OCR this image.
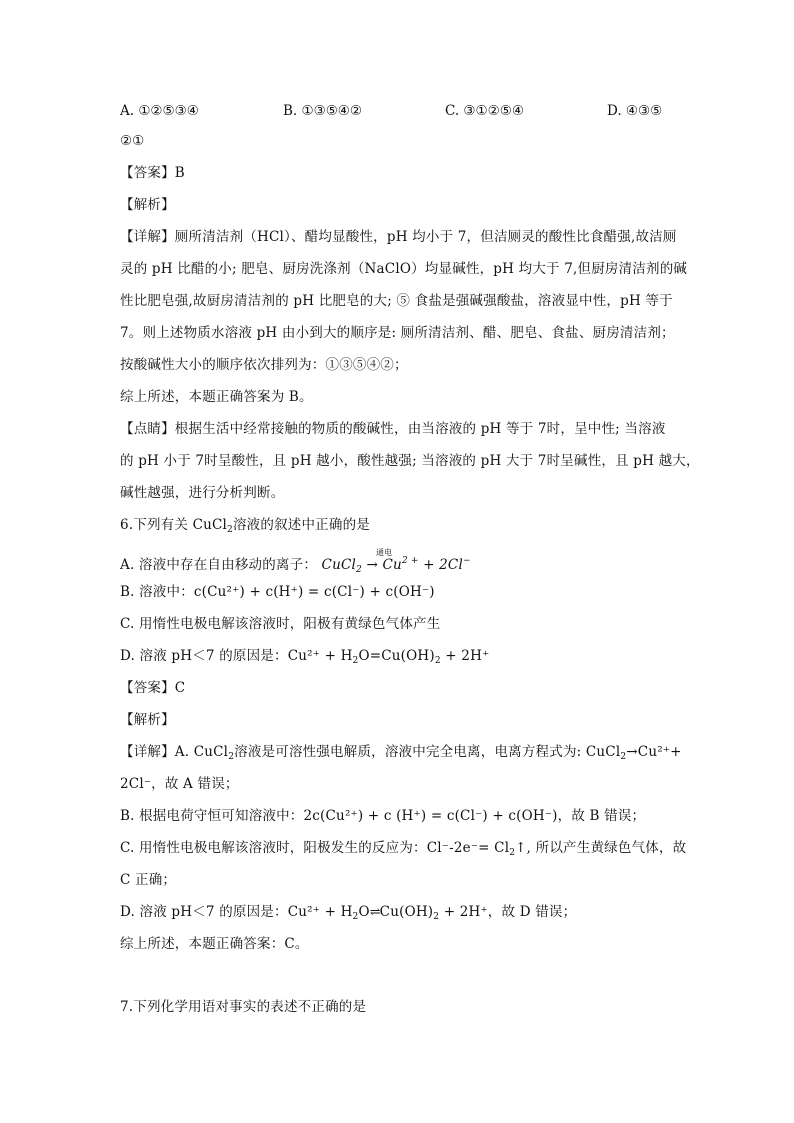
A. ①②⑤③④	B. ①③⑤④②	C. ③①②⑤④	D. ④③⑤
②①
【答案】B
【解析】
【详解】厕所清洁剂（HCl）、醋均显酸性，pH 均小于 7，但洁厕灵的酸性比食醋强,故洁厕
灵的 pH 比醋的小; 肥皂、厨房洗涤剂（NaClO）均显碱性，pH 均大于 7,但厨房清洁剂的碱
性比肥皂强,故厨房清洁剂的 pH 比肥皂的大; ⑤ 食盐是强碱强酸盐，溶液显中性，pH 等于
7。则上述物质水溶液 pH 由小到大的顺序是: 厕所清洁剂、醋、肥皂、食盐、厨房清洁剂；
按酸碱性大小的顺序依次排列为：①③⑤④②；
综上所述，本题正确答案为 B。
【点睛】根据生活中经常接触的物质的酸碱性，由当溶液的 pH 等于 7时，呈中性; 当溶液
的 pH 小于 7时呈酸性，且 pH 越小，酸性越强; 当溶液的 pH 大于 7时呈碱性，且 pH 越大，
碱性越强，进行分析判断。
6.下列有关 CuCl$_2$溶液的叙述中正确的是
A. 溶液中存在自由移动的离子： CuCl$_2$
通电
→ $Cu^{2 +} + 2Cl^-$
B. 溶液中：c(Cu²⁺) + c(H⁺) = c(Cl⁻) + c(OH⁻)
C. 用惰性电极电解该溶液时，阳极有黄绿色气体产生
D. 溶液 pH＜7 的原因是：$Cu^{2+} + H_2O=Cu(OH)_2 + 2H^+$
【答案】C
【解析】
【详解】A. CuCl$_2$溶液是可溶性强电解质，溶液中完全电离，电离方程式为: CuCl$_2$→Cu²⁺+
2Cl⁻，故 A 错误；
B. 根据电荷守恒可知溶液中：2c(Cu²⁺) + c (H⁺) = c(Cl⁻) + c(OH⁻)，故 B 错误；
C. 用惰性电极电解该溶液时，阳极发生的反应为：$Cl^--2e^-= Cl_2↑$, 所以产生黄绿色气体，故
C 正确；
D. 溶液 pH＜7 的原因是：$Cu^{2+} + H_2O\rightleftharpoons Cu(OH)_2 + 2H^+$，故 D 错误；
综上所述，本题正确答案：C。
7.下列化学用语对事实的表述不正确的是
